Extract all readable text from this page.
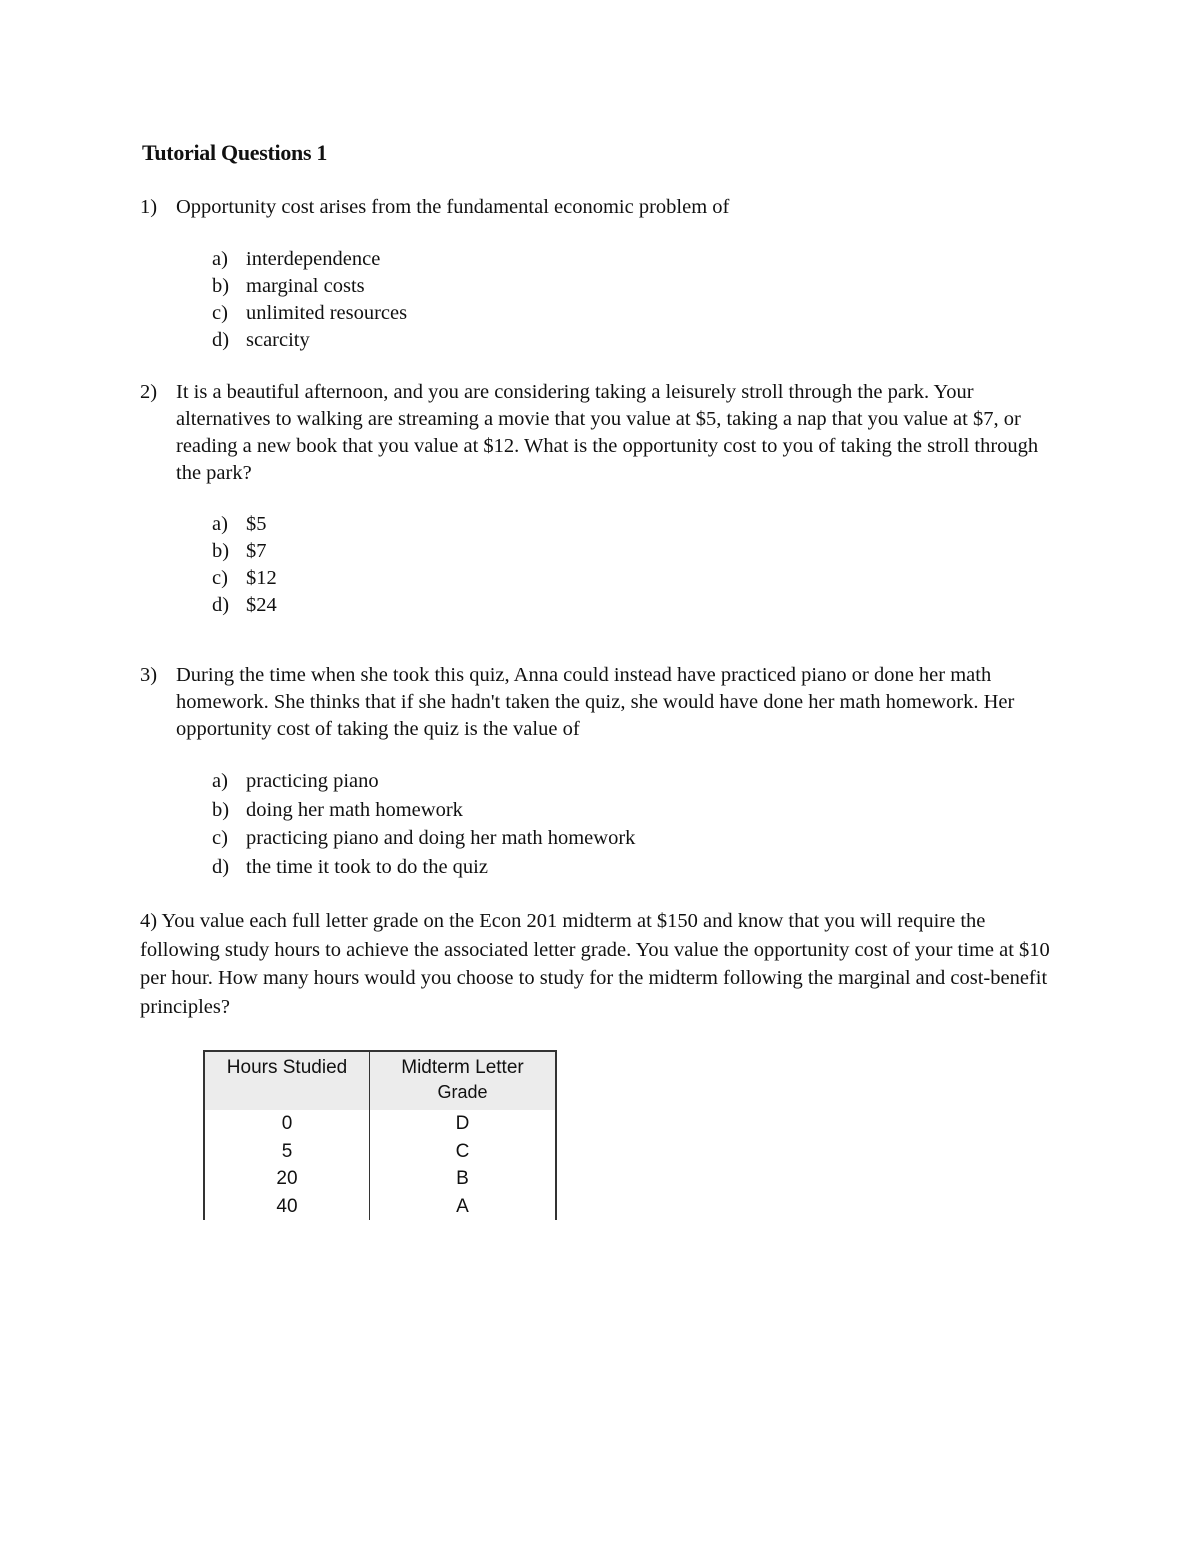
Tutorial Questions 1
1) Opportunity cost arises from the fundamental economic problem of
a) interdependence
b) marginal costs
c) unlimited resources
d) scarcity
2) It is a beautiful afternoon, and you are considering taking a leisurely stroll through the park. Your alternatives to walking are streaming a movie that you value at $5, taking a nap that you value at $7, or reading a new book that you value at $12. What is the opportunity cost to you of taking the stroll through the park?
a) $5
b) $7
c) $12
d) $24
3) During the time when she took this quiz, Anna could instead have practiced piano or done her math homework. She thinks that if she hadn't taken the quiz, she would have done her math homework. Her opportunity cost of taking the quiz is the value of
a) practicing piano
b) doing her math homework
c) practicing piano and doing her math homework
d) the time it took to do the quiz
4) You value each full letter grade on the Econ 201 midterm at $150 and know that you will require the following study hours to achieve the associated letter grade. You value the opportunity cost of your time at $10 per hour. How many hours would you choose to study for the midterm following the marginal and cost-benefit principles?
Hours Studied	Midterm Letter
Grade

0	D
5	C
20	B
40	A
